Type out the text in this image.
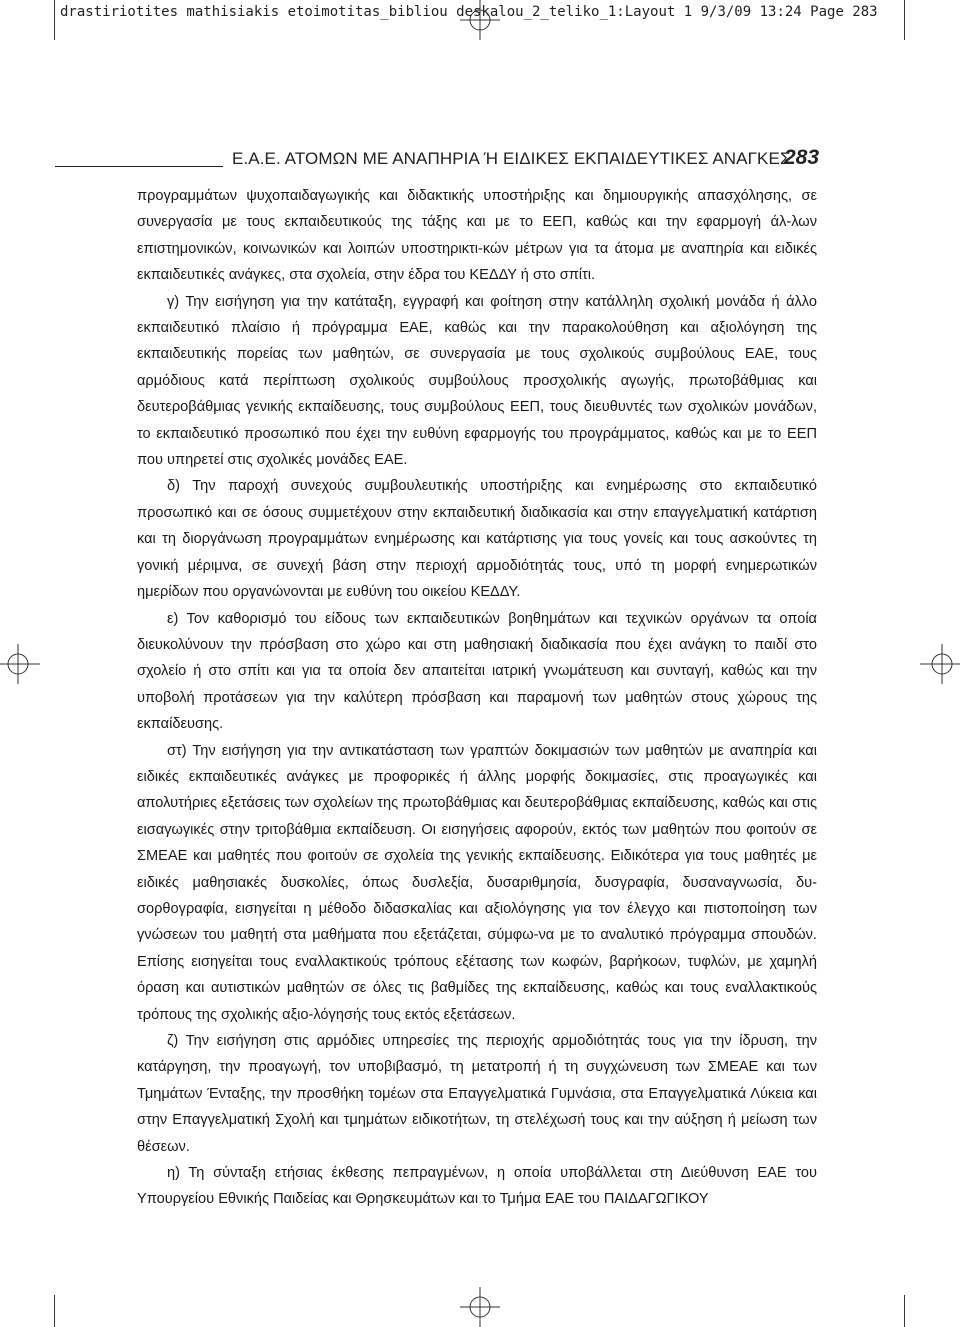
drastiriotites mathisiakis etoimotitas_bibliou deskalou_2_teliko_1:Layout 1 9/3/09 13:24 Page 283
Ε.Α.Ε. ΑΤΟΜΩΝ ΜΕ ΑΝΑΠΗΡΙΑ Ή ΕΙΔΙΚΕΣ ΕΚΠΑΙΔΕΥΤΙΚΕΣ ΑΝΑΓΚΕΣ
283

προγραμμάτων ψυχοπαιδαγωγικής και διδακτικής υποστήριξης και δημιουργικής απασχόλησης, σε συνεργασία με τους εκπαιδευτικούς της τάξης και με το ΕΕΠ, καθώς και την εφαρμογή άλ-λων επιστημονικών, κοινωνικών και λοιπών υποστηρικτι-κών μέτρων για τα άτομα με αναπηρία και ειδικές εκπαιδευτικές ανάγκες, στα σχολεία, στην έδρα του ΚΕΔΔΥ ή στο σπίτι.

γ) Την εισήγηση για την κατάταξη, εγγραφή και φοίτηση στην κατάλληλη σχολική μονάδα ή άλλο εκπαιδευτικό πλαίσιο ή πρόγραμμα ΕΑΕ, καθώς και την παρακολούθηση και αξιολόγηση της εκπαιδευτικής πορείας των μαθητών, σε συνεργασία με τους σχολικούς συμβούλους ΕΑΕ, τους αρμόδιους κατά περίπτωση σχολικούς συμβούλους προσχολικής αγωγής, πρωτοβάθμιας και δευτεροβάθμιας γενικής εκπαίδευσης, τους συμβούλους ΕΕΠ, τους διευθυντές των σχολικών μονάδων, το εκπαιδευτικό προσωπικό που έχει την ευθύνη εφαρμογής του προγράμματος, καθώς και με το ΕΕΠ που υπηρετεί στις σχολικές μονάδες ΕΑΕ.

δ) Την παροχή συνεχούς συμβουλευτικής υποστήριξης και ενημέρωσης στο εκπαιδευτικό προσωπικό και σε όσους συμμετέχουν στην εκπαιδευτική διαδικασία και στην επαγγελματική κατάρτιση και τη διοργάνωση προγραμμάτων ενημέρωσης και κατάρτισης για τους γονείς και τους ασκούντες τη γονική μέριμνα, σε συνεχή βάση στην περιοχή αρμοδιότητάς τους, υπό τη μορφή ενημερωτικών ημερίδων που οργανώνονται με ευθύνη του οικείου ΚΕΔΔΥ.

ε) Τον καθορισμό του είδους των εκπαιδευτικών βοηθημάτων και τεχνικών οργάνων τα οποία διευκολύνουν την πρόσβαση στο χώρο και στη μαθησιακή διαδικασία που έχει ανάγκη το παιδί στο σχολείο ή στο σπίτι και για τα οποία δεν απαιτείται ιατρική γνωμάτευση και συνταγή, καθώς και την υποβολή προτάσεων για την καλύτερη πρόσβαση και παραμονή των μαθητών στους χώρους της εκπαίδευσης.

στ) Την εισήγηση για την αντικατάσταση των γραπτών δοκιμασιών των μαθητών με αναπηρία και ειδικές εκπαιδευτικές ανάγκες με προφορικές ή άλλης μορφής δοκιμασίες, στις προαγωγικές και απολυτήριες εξετάσεις των σχολείων της πρωτοβάθμιας και δευτεροβάθμιας εκπαίδευσης, καθώς και στις εισαγωγικές στην τριτοβάθμια εκπαίδευση. Οι εισηγήσεις αφορούν, εκτός των μαθητών που φοιτούν σε ΣΜΕΑΕ και μαθητές που φοιτούν σε σχολεία της γενικής εκπαίδευσης. Ειδικότερα για τους μαθητές με ειδικές μαθησιακές δυσκολίες, όπως δυσλεξία, δυσαριθμησία, δυσγραφία, δυσαναγνωσία, δυ-σορθογραφία, εισηγείται η μέθοδο διδασκαλίας και αξιολόγησης για τον έλεγχο και πιστοποίηση των γνώσεων του μαθητή στα μαθήματα που εξετάζεται, σύμφω-να με το αναλυτικό πρόγραμμα σπουδών. Επίσης εισηγείται τους εναλλακτικούς τρόπους εξέτασης των κωφών, βαρήκοων, τυφλών, με χαμηλή όραση και αυτιστικών μαθητών σε όλες τις βαθμίδες της εκπαίδευσης, καθώς και τους εναλλακτικούς τρόπους της σχολικής αξιο-λόγησής τους εκτός εξετάσεων.

ζ) Την εισήγηση στις αρμόδιες υπηρεσίες της περιοχής αρμοδιότητάς τους για την ίδρυση, την κατάργηση, την προαγωγή, τον υποβιβασμό, τη μετατροπή ή τη συγχώνευση των ΣΜΕΑΕ και των Τμημάτων Ένταξης, την προσθήκη τομέων στα Επαγγελματικά Γυμνάσια, στα Επαγγελματικά Λύκεια και στην Επαγγελματική Σχολή και τμημάτων ειδικοτήτων, τη στελέχωσή τους και την αύξηση ή μείωση των θέσεων.

η) Τη σύνταξη ετήσιας έκθεσης πεπραγμένων, η οποία υποβάλλεται στη Διεύθυνση ΕΑΕ του Υπουργείου Εθνικής Παιδείας και Θρησκευμάτων και το Τμήμα ΕΑΕ του ΠΑΙΔΑΓΩΓΙΚΟΥ
